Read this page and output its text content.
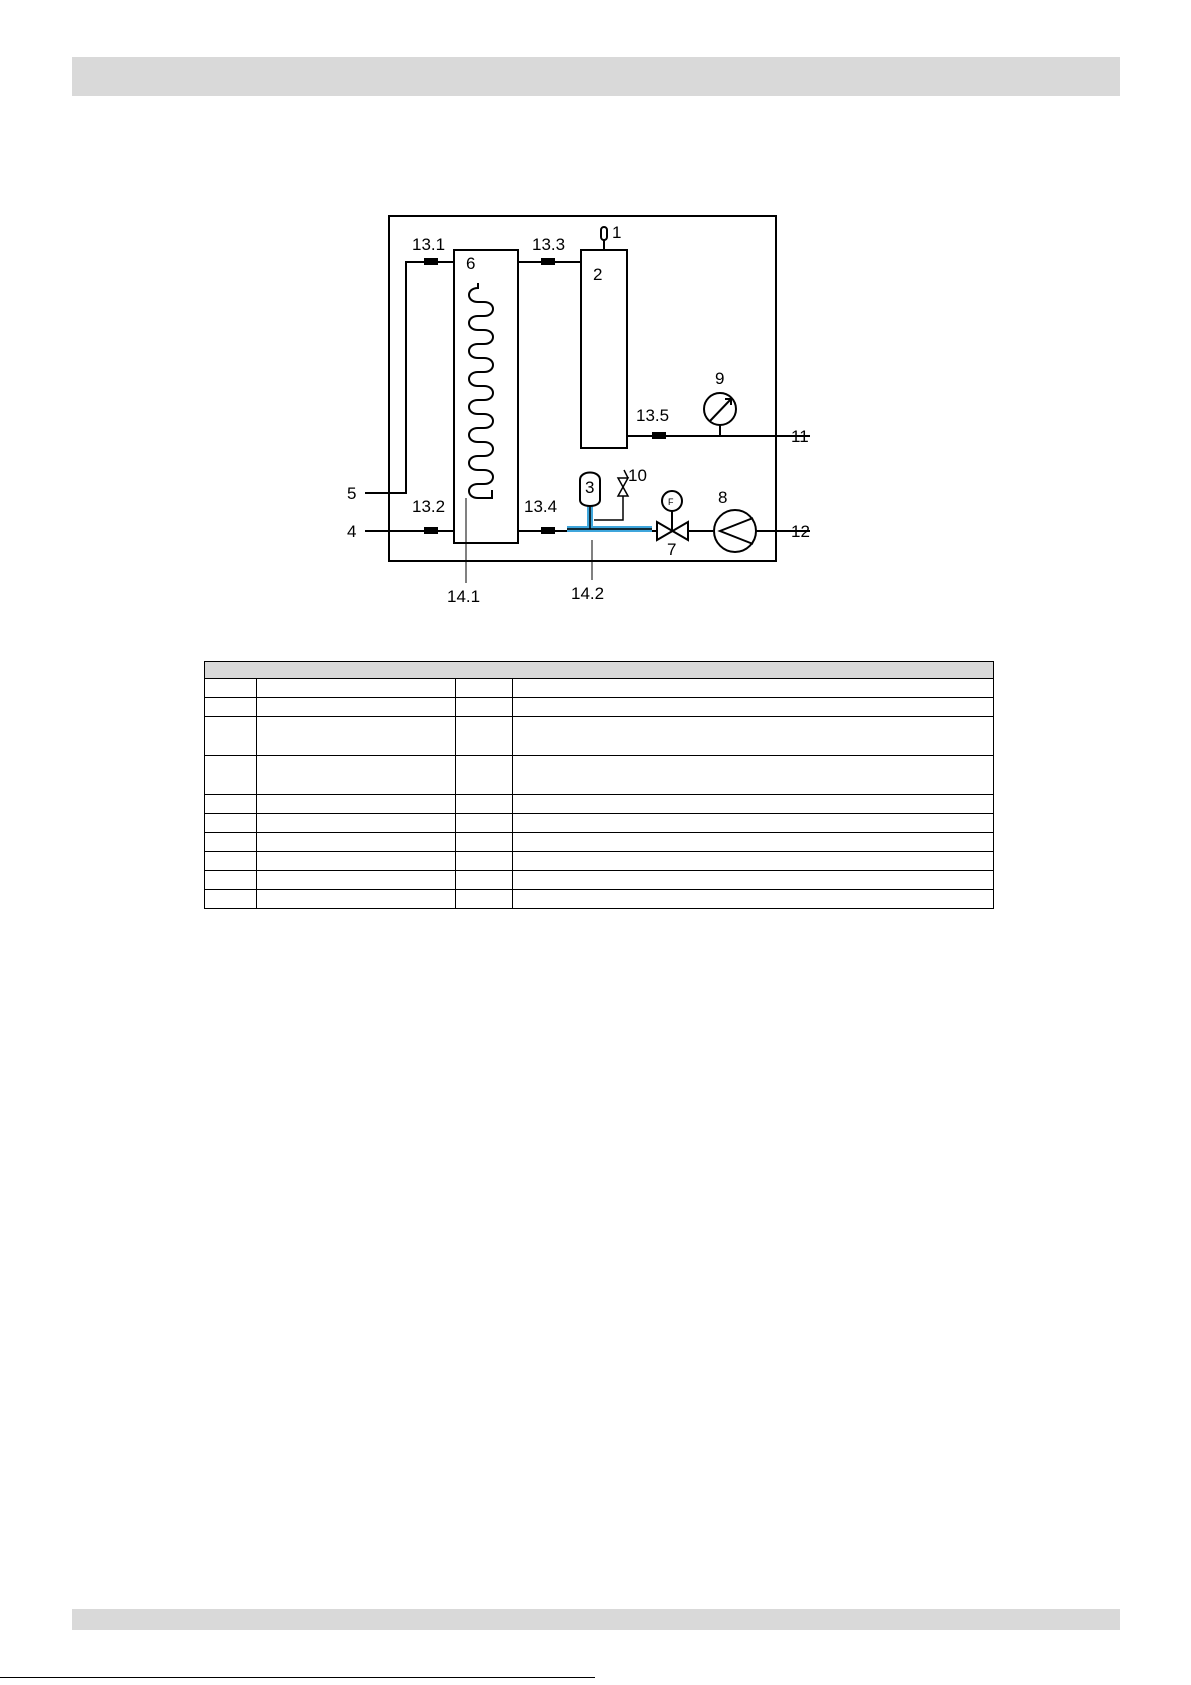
1
2
3
4
5
6
7
8
9
10
11
12
13.1
13.2
13.3
13.4
13.5
14.1	14.2
F
